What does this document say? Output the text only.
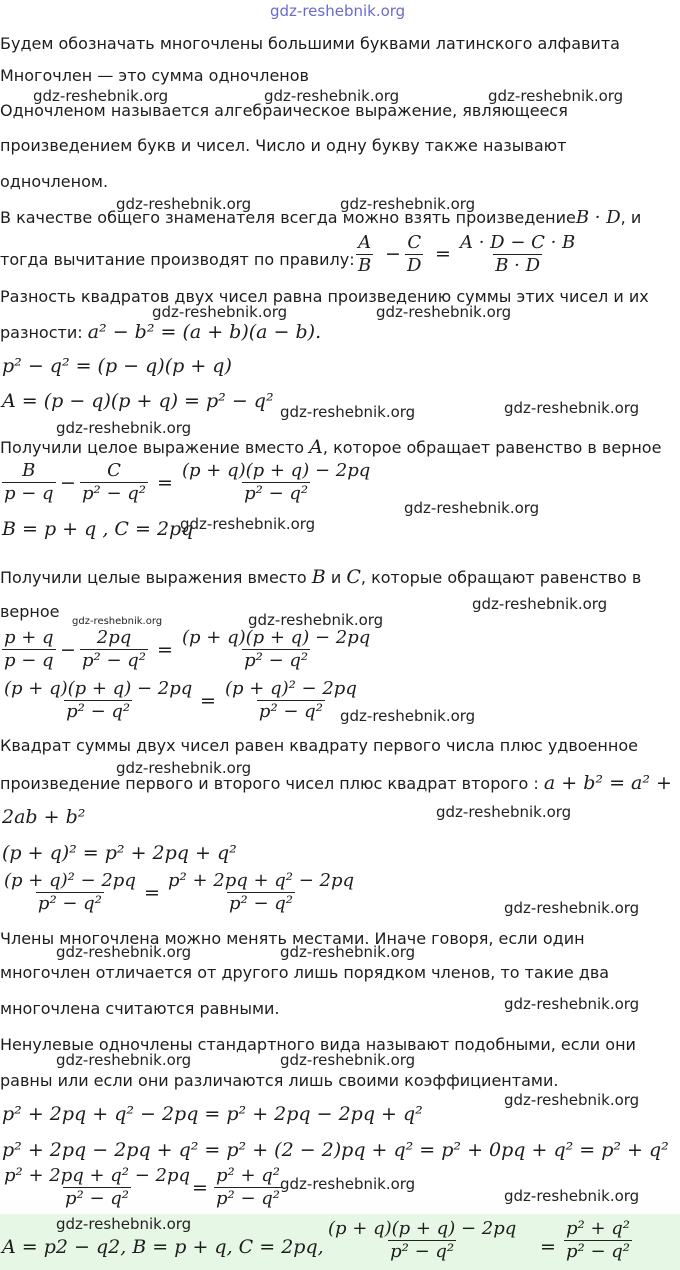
gdz-reshebnik.org
Будем обозначать многочлены большими буквами латинского алфавита
Многочлен — это сумма одночленов
Одночленом называется алгебраическое выражение, являющееся
произведением букв и чисел. Число и одну букву также называют
одночленом.
В качестве общего знаменателя всегда можно взять произведениеB · D, и
тогда вычитание производят по правилу: $\frac{A}{B} - \frac{C}{D} = \frac{A \cdot D - C \cdot B}{B \cdot D}$
Разность квадратов двух чисел равна произведению суммы этих чисел и их
разности: a² − b² = (a + b)(a − b).
p² − q² = (p − q)(p + q)
A = (p − q)(p + q) = p² − q²
Получили целое выражение вместо A, которое обращает равенство в верное
$\frac{B}{p - q} - \frac{C}{\text{p² − q²}} = \frac{(p + q)(p + q) - 2pq}{\text{p² − q²}}$
B = p + q , C = 2pq
Получили целые выражения вместо B и C, которые обращают равенство в
верное
$\frac{p + q}{p - q} - \frac{2pq}{\text{p² − q²}} = \frac{(p + q)(p + q) - 2pq}{\text{p² − q²}}$
$\frac{(p + q)(p + q) - 2pq}{\text{p² − q²}} = \frac{\text{(p + q)² − 2pq}}{\text{p² − q²}}$
Квадрат суммы двух чисел равен квадрату первого числа плюс удвоенное
произведение первого и второго чисел плюс квадрат второго : a + b² = a² +
2ab + b²
(p + q)² = p² + 2pq + q²
$\frac{\text{(p + q)² − 2pq}}{\text{p² − q²}} = \frac{\text{p² + 2pq + q² − 2pq}}{\text{p² − q²}}$
Члены многочлена можно менять местами. Иначе говоря, если один
многочлен отличается от другого лишь порядком членов, то такие два
многочлена считаются равными.
Ненулевые одночлены стандартного вида называют подобными, если они
равны или если они различаются лишь своими коэффициентами.
p² + 2pq + q² − 2pq = p² + 2pq − 2pq + q²
p² + 2pq − 2pq + q² = p² + (2 − 2)pq + q² = p² + 0pq + q² = p² + q²
$\frac{\text{p² + 2pq + q² − 2pq}}{\text{p² − q²}} = \frac{\text{p² + q²}}{\text{p² − q²}}$
A = p2 − q2, B = p + q, C = 2pq, $\frac{(p + q)(p + q) - 2pq}{\text{p² − q²}} = \frac{\text{p² + q²}}{\text{p² − q²}}$
gdz-reshebnik.org	gdz-reshebnik.org	gdz-reshebnik.org
gdz-reshebnik.org	gdz-reshebnik.org
gdz-reshebnik.org	gdz-reshebnik.org
gdz-reshebnik.org	gdz-reshebnik.org
gdz-reshebnik.org
gdz-reshebnik.org
gdz-reshebnik.org
gdz-reshebnik.org
gdz-reshebnik.org	gdz-reshebnik.org
gdz-reshebnik.org
gdz-reshebnik.org
gdz-reshebnik.org
gdz-reshebnik.org
gdz-reshebnik.org	gdz-reshebnik.org
gdz-reshebnik.org
gdz-reshebnik.org	gdz-reshebnik.org
gdz-reshebnik.org
gdz-reshebnik.org
gdz-reshebnik.org
gdz-reshebnik.org
